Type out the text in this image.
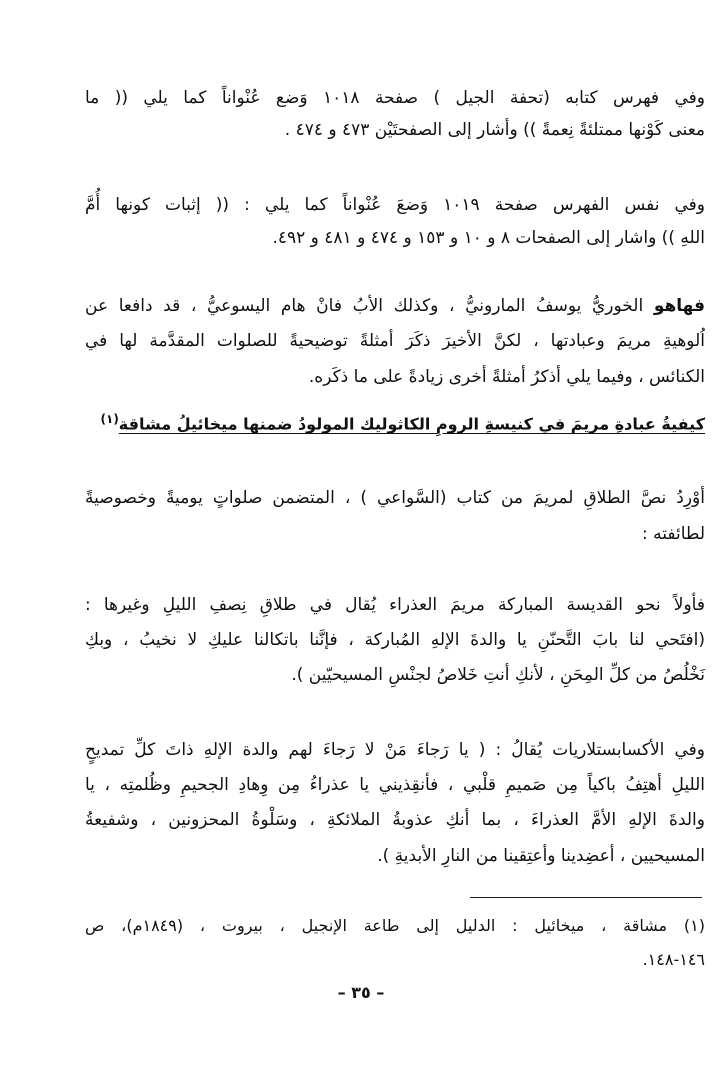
وفي فهرس كتابه (تحفة الجيل ) صفحة ١٠١٨ وَضع عُنْواناً كما يلي (( ما
معنى كَوْنها ممتلئةً نِعمةً )) وأشار إلى الصفحتَيْن ٤٧٣ و ٤٧٤ .
وفي نفس الفهرس صفحة ١٠١٩ وَضعَ عُنْواناً كما يلي : (( إثبات كونها أُمَّ
اللهِ )) واشار إلى الصفحات ٨ و ١٠ و ١٥٣ و ٤٧٤ و ٤٨١ و ٤٩٢.
فهاهو الخوريُّ يوسفُ المارونيُّ ، وكذلك الأبُ فانْ هام اليسوعيُّ ، قد دافعا عن
اُلوهيةِ مريمَ وعبادتها ، لكنَّ الأخيرَ ذكَرَ أمثلةً توضيحيةً للصلوات المقدَّمة لها في
الكنائس ، وفيما يلي أذكرُ أمثلةً أخرى زيادةً على ما ذكَره.
كيفيةُ عبادةِ مريمَ في كنيسةِ الرومِ الكاثوليك المولودُ ضمنها ميخائيلُ مشاقة$^{(١)}$
أوْرِدُ نصَّ الطلاقِ لمريمَ من كتاب (السَّواعي ) ، المتضمن صلواتٍ يوميةً وخصوصيةً
لطائفته :
فأولاً نحو القديسة المباركة مريمَ العذراء يُقال في طلاقِ نِصفِ الليلِ وغيرها :
(افتَحي لنا بابَ التَّحنّنِ يا والدةَ الإلهِ المُباركة ، فإنَّنا باتكالنا عليكِ لا نخيبُ ، وبكِ
نَخْلُصُ من كلِّ المِحَنِ ، لأنكِ أنتِ خَلاصُ لجنْسِ المسيحيّين ).
وفي الأكسابستلاريات يُقالُ : ( يا رَجاءَ مَنْ لا رَجاءَ لهم والدة الإلهِ ذاتَ كلِّ تمديحٍ
الليلِ أهتِفُ باكياً مِن صَميمِ قلْبي ، فأنقِذيني يا عذراءُ مِن وِهادِ الجحيمِ وظُلمتِه ، يا
والدةَ الإلهِ الأمَّ العذراءَ ، بما أنكِ عذوبةُ الملائكةِ ، وسَلْوةُ المحزونين ، وشفيعةُ
المسيحيين ، أعضِدينا وأعتِقينا من النارِ الأبديةِ ).
(١) مشاقة ، ميخائيل : الدليل إلى طاعة الإنجيل ، بيروت ، (١٨٤٩م)، ص
١٤٦-١٤٨.
– ٣٥ –
